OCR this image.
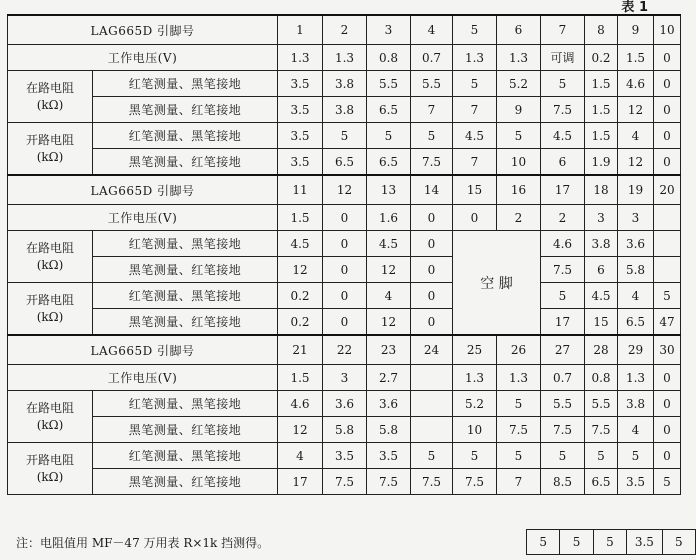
表 1
LAG665D 引脚号		1	2	3	4	5	6	7	8	9	10
工作电压(V)		1.3	1.3	0.8	0.7	1.3	1.3	可调	0.2	1.5	0
在路电阻
(kΩ)	红笔测量、黑笔接地	3.5	3.8	5.5	5.5	5	5.2	5	1.5	4.6	0
	黑笔测量、红笔接地	3.5	3.8	6.5	7	7	9	7.5	1.5	12	0
开路电阻
(kΩ)	红笔测量、黑笔接地	3.5	5	5	5	4.5	5	4.5	1.5	4	0
	黑笔测量、红笔接地	3.5	6.5	6.5	7.5	7	10	6	1.9	12	0
LAG665D 引脚号		11	12	13	14	15	16	17	18	19	20
工作电压(V)		1.5	0	1.6	0	0	2	2	3	3	
在路电阻
(kΩ)	红笔测量、黑笔接地	4.5	0	4.5	0	空 脚		4.6	3.8	3.6	
	黑笔测量、红笔接地	12	0	12	0			7.5	6	5.8	
开路电阻
(kΩ)	红笔测量、黑笔接地	0.2	0	4	0			5	4.5	4	5
	黑笔测量、红笔接地	0.2	0	12	0			17	15	6.5	47
LAG665D 引脚号		21	22	23	24	25	26	27	28	29	30
工作电压(V)		1.5	3	2.7		1.3	1.3	0.7	0.8	1.3	0
在路电阻
(kΩ)	红笔测量、黑笔接地	4.6	3.6	3.6		5.2	5	5.5	5.5	3.8	0
	黑笔测量、红笔接地	12	5.8	5.8		10	7.5	7.5	7.5	4	0
开路电阻
(kΩ)	红笔测量、黑笔接地	4	3.5	3.5	5	5	5	5	5	5	0
	黑笔测量、红笔接地	17	7.5	7.5	7.5	7.5	7	8.5	6.5	3.5	5
注：电阻值用 MF－47 万用表 R×1k 挡测得。	5	5	5	3.5	5
